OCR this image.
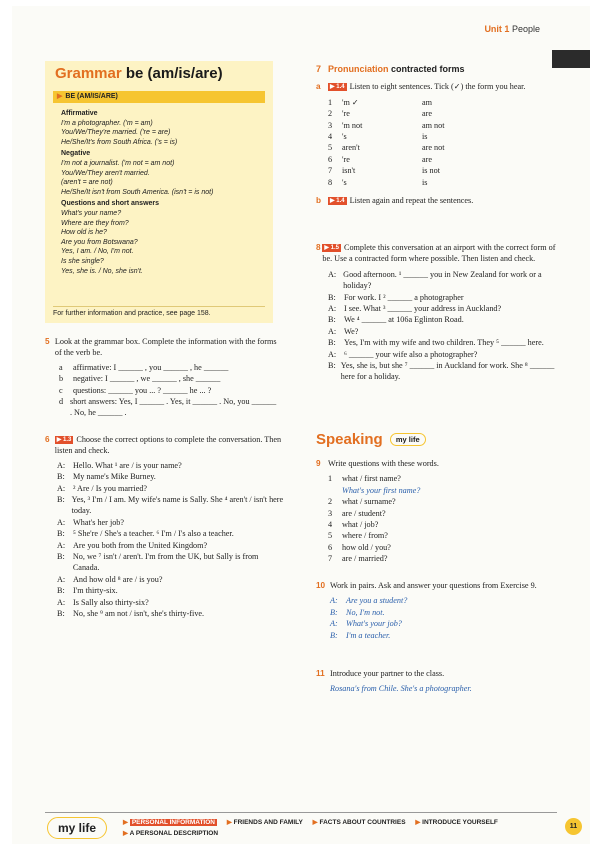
Unit 1 People
Grammar be (am/is/are)
▶ BE (AM/IS/ARE)
Affirmative
I'm a photographer. ('m = am)
You/We/They're married. ('re = are)
He/She/It's from South Africa. ('s = is)
Negative
I'm not a journalist. ('m not = am not)
You/We/They aren't married.
(aren't = are not)
He/She/It isn't from South America. (isn't = is not)
Questions and short answers
What's your name?
Where are they from?
How old is he?
Are you from Botswana?
Yes, I am. / No, I'm not.
Is she single?
Yes, she is. / No, she isn't.
For further information and practice, see page 158.
5 Look at the grammar box. Complete the information with the forms of the verb be.
a	affirmative: I ______ , you ______ , he ______
b	negative: I ______ , we ______ , she ______
c	questions: ______ you ... ? ______ he ... ?
d short answers: Yes, I ______ . Yes, it ______ . No, you ______ . No, he ______ .
6	▶ 1.3 Choose the correct options to complete the conversation. Then listen and check.
A: Hello. What ¹ are / is your name?
B:	My name's Mike Burney.
A: ² Are / Is you married?
B: Yes, ³ I'm / I am. My wife's name is Sally. She ⁴ aren't / isn't here today.
A: What's her job?
B:	⁵ She're / She's a teacher. ⁶ I'm / I's also a teacher.
A: Are you both from the United Kingdom?
B: No, we ⁷ isn't / aren't. I'm from the UK, but Sally is from Canada.
A: And how old ⁸ are / is you?
B:	I'm thirty-six.
A: Is Sally also thirty-six?
B:	No, she ⁹ am not / isn't, she's thirty-five.
7 Pronunciation contracted forms
a	▶ 1.4 Listen to eight sentences. Tick (✓) the form you hear.
1	'm ✓	am
2	're	are
3	'm not	am not
4	's	is
5	aren't	are not
6	're	are
7	isn't	is not
8	's	is
b	▶ 1.4 Listen again and repeat the sentences.
8 ▶ 1.5 Complete this conversation at an airport with the correct form of be. Use a contracted form where possible. Then listen and check.
A: Good afternoon. ¹ ______ you in New Zealand for work or a holiday?
B:	For work. I ² ______ a photographer
A: I see. What ³ ______ your address in Auckland?
B:	We ⁴ ______ at 106a Eglinton Road.
A: We?
B:	Yes, I'm with my wife and two children. They ⁵ ______ here.
A: ⁶ ______ your wife also a photographer?
B: Yes, she is, but she ⁷ ______ in Auckland for work. She ⁸ ______ here for a holiday.
Speaking my life
9 Write questions with these words.
1	what / first name?
What's your first name?
2	what / surname?
3	are / student?
4	what / job?
5	where / from?
6	how old / you?
7	are / married?
10 Work in pairs. Ask and answer your questions from Exercise 9.
A:	Are you a student?
B:	No, I'm not.
A:	What's your job?
B:	I'm a teacher.
11 Introduce your partner to the class.
Rosana's from Chile. She's a photographer.
my life	▶ PERSONAL INFORMATION ▶ FRIENDS AND FAMILY ▶ FACTS ABOUT COUNTRIES ▶ INTRODUCE YOURSELF
▶ A PERSONAL DESCRIPTION
11
